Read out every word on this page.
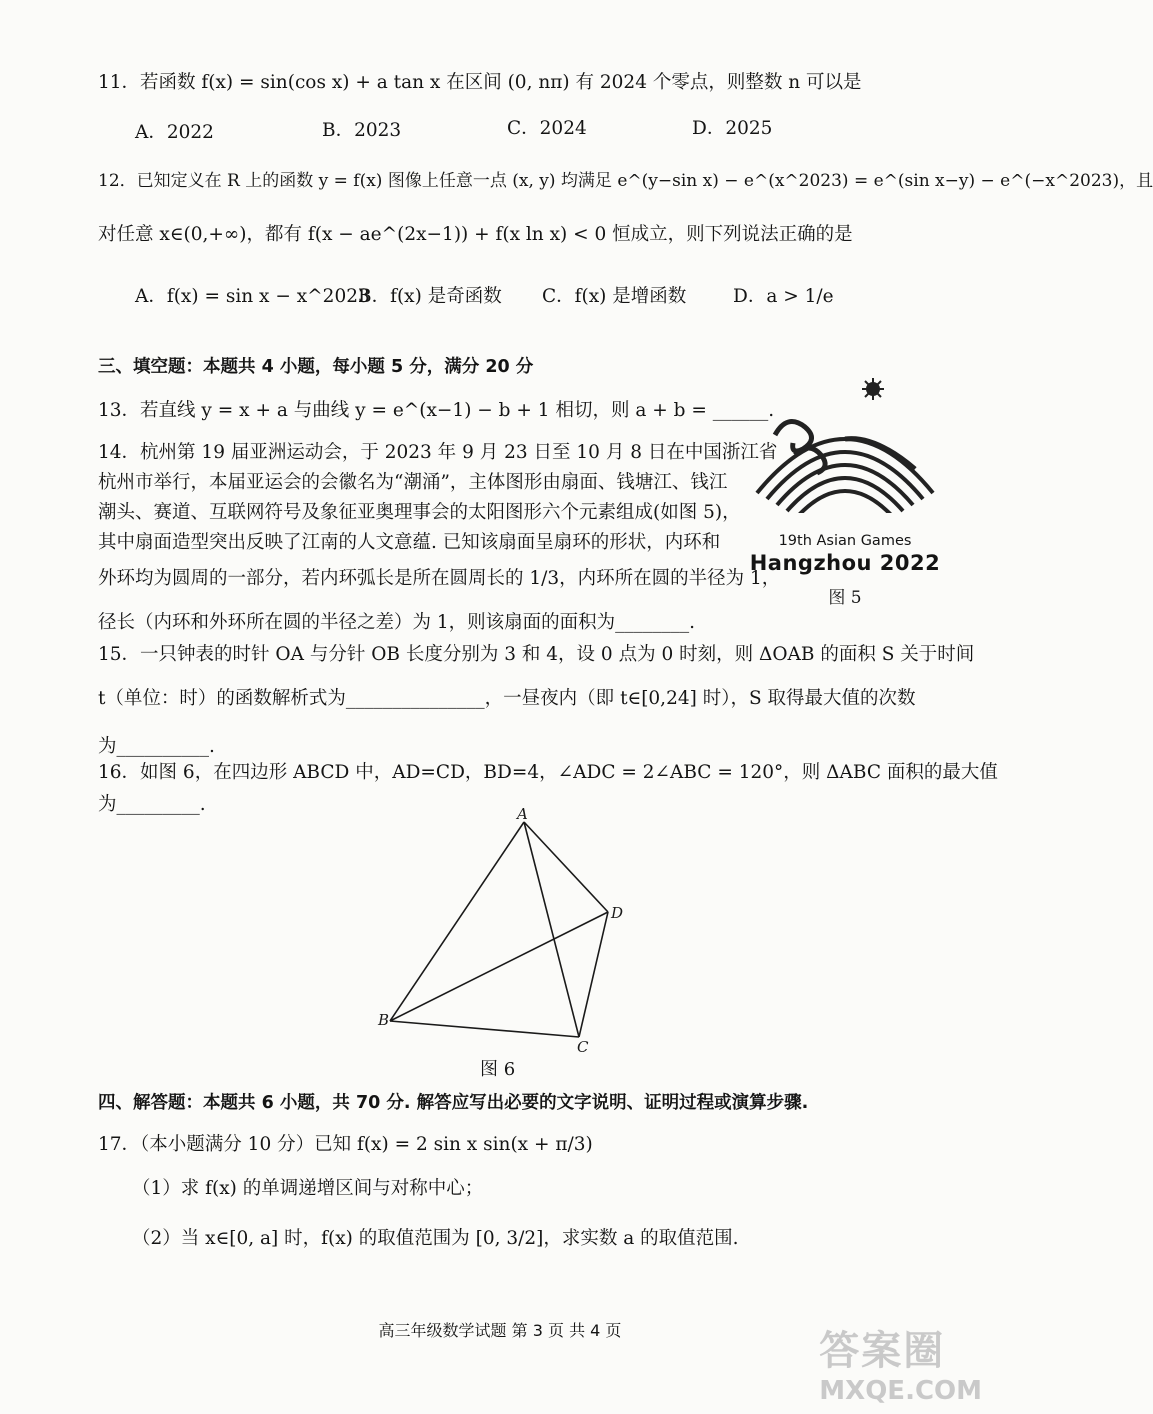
11．若函数 f(x) = sin(cos x) + a tan x 在区间 (0, nπ) 有 2024 个零点，则整数 n 可以是
A．2022	B．2023	C．2024	D．2025
12．已知定义在 R 上的函数 y = f(x) 图像上任意一点 (x, y) 均满足 e^(y−sin x) − e^(x^2023) = e^(sin x−y) − e^(−x^2023)，且
对任意 x∈(0,+∞)，都有 f(x − ae^(2x−1)) + f(x ln x) < 0 恒成立，则下列说法正确的是
A．f(x) = sin x − x^2023
B．f(x) 是奇函数 C．f(x) 是增函数	D．a > 1/e
三、填空题：本题共 4 小题，每小题 5 分，满分 20 分
13．若直线 y = x + a 与曲线 y = e^(x−1) − b + 1 相切，则 a + b = ______.
14．杭州第 19 届亚洲运动会，于 2023 年 9 月 23 日至 10 月 8 日在中国浙江省
杭州市举行，本届亚运会的会徽名为“潮涌”，主体图形由扇面、钱塘江、钱江
潮头、赛道、互联网符号及象征亚奥理事会的太阳图形六个元素组成(如图 5)，
其中扇面造型突出反映了江南的人文意蕴. 已知该扇面呈扇环的形状，内环和
外环均为圆周的一部分，若内环弧长是所在圆周长的 1/3，内环所在圆的半径为 1，
径长（内环和外环所在圆的半径之差）为 1，则该扇面的面积为________.
19th Asian Games
Hangzhou 2022
图 5
15．一只钟表的时针 OA 与分针 OB 长度分别为 3 和 4，设 0 点为 0 时刻，则 ΔOAB 的面积 S 关于时间
t（单位：时）的函数解析式为_______________，一昼夜内（即 t∈[0,24] 时），S 取得最大值的次数
为__________.
16．如图 6，在四边形 ABCD 中，AD=CD，BD=4，∠ADC = 2∠ABC = 120°，则 ΔABC 面积的最大值
为_________.	A
B
C
D
图 6
四、解答题：本题共 6 小题，共 70 分. 解答应写出必要的文字说明、证明过程或演算步骤.
17．（本小题满分 10 分）已知 f(x) = 2 sin x sin(x + π/3)
（1）求 f(x) 的单调递增区间与对称中心；
（2）当 x∈[0, a] 时，f(x) 的取值范围为 [0, 3/2]，求实数 a 的取值范围.
高三年级数学试题 第 3 页 共 4 页	答案圈
MXQE.COM
